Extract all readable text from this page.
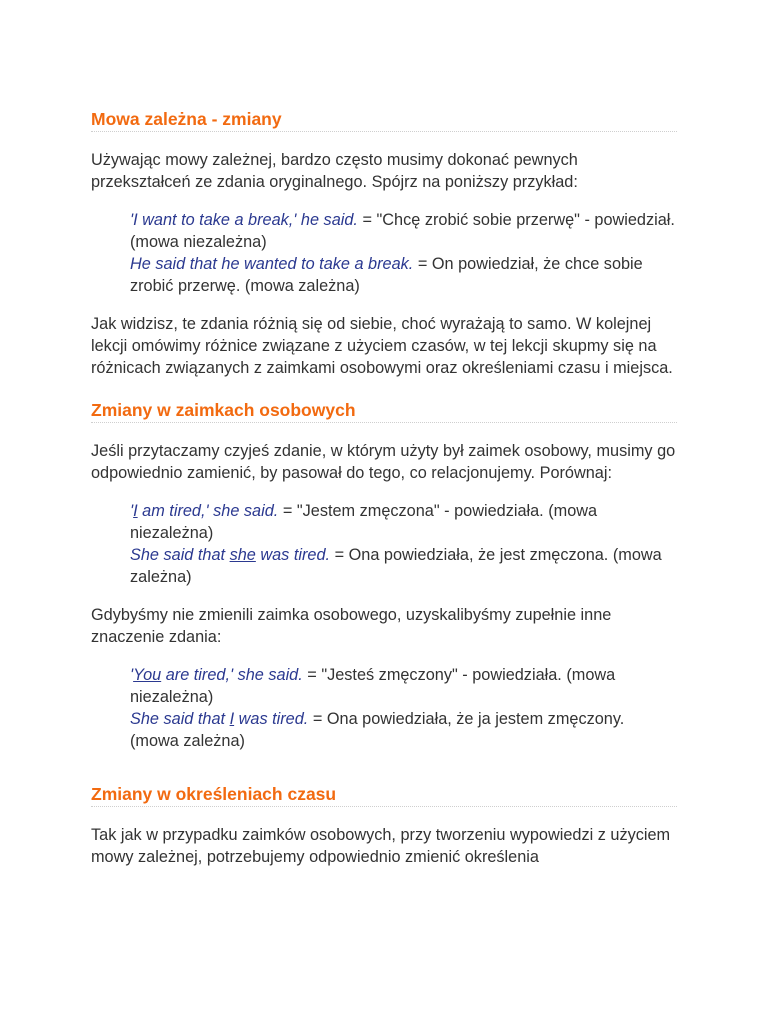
Mowa zależna - zmiany
Używając mowy zależnej, bardzo często musimy dokonać pewnych przekształceń ze zdania oryginalnego. Spójrz na poniższy przykład:
'I want to take a break,' he said. = "Chcę zrobić sobie przerwę" - powiedział. (mowa niezależna)
He said that he wanted to take a break. = On powiedział, że chce sobie zrobić przerwę. (mowa zależna)
Jak widzisz, te zdania różnią się od siebie, choć wyrażają to samo. W kolejnej lekcji omówimy różnice związane z użyciem czasów, w tej lekcji skupmy się na różnicach związanych z zaimkami osobowymi oraz określeniami czasu i miejsca.
Zmiany w zaimkach osobowych
Jeśli przytaczamy czyjeś zdanie, w którym użyty był zaimek osobowy, musimy go odpowiednio zamienić, by pasował do tego, co relacjonujemy. Porównaj:
'I am tired,' she said. = "Jestem zmęczona" - powiedziała. (mowa niezależna)
She said that she was tired. = Ona powiedziała, że jest zmęczona. (mowa zależna)
Gdybyśmy nie zmienili zaimka osobowego, uzyskalibyśmy zupełnie inne znaczenie zdania:
'You are tired,' she said. = "Jesteś zmęczony" - powiedziała. (mowa niezależna)
She said that I was tired. = Ona powiedziała, że ja jestem zmęczony. (mowa zależna)
Zmiany w określeniach czasu
Tak jak w przypadku zaimków osobowych, przy tworzeniu wypowiedzi z użyciem mowy zależnej, potrzebujemy odpowiednio zmienić określenia
